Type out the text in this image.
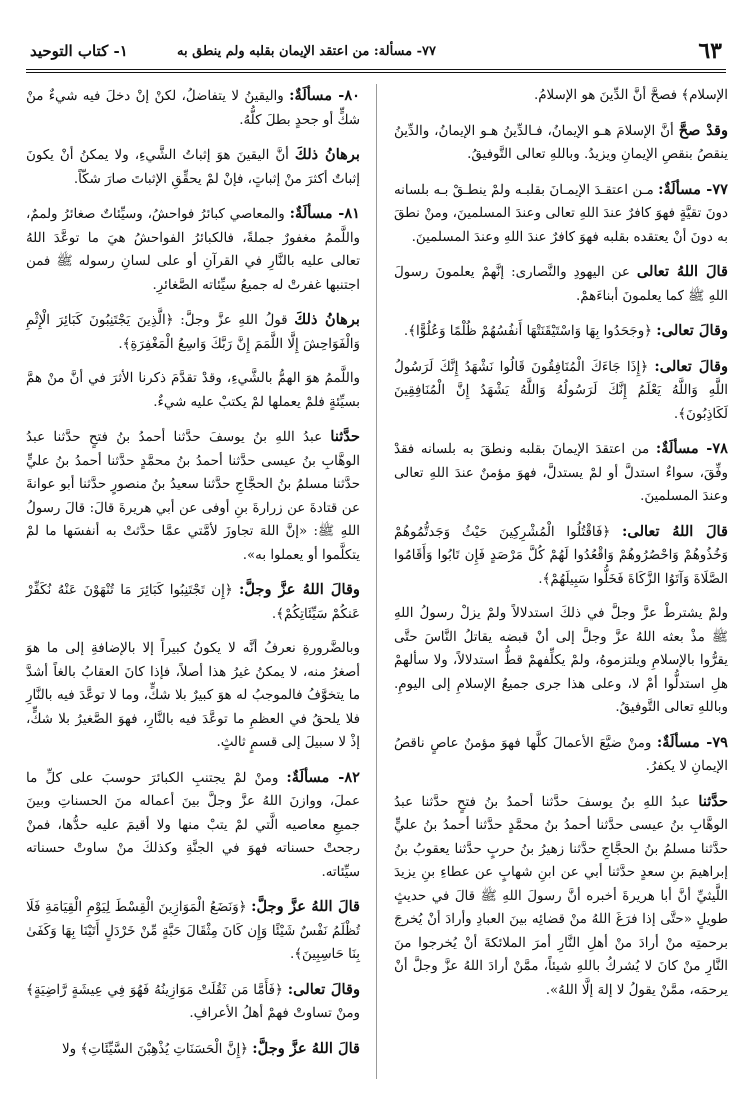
٦٣
٧٧- مسألة: من اعتقد الإيمان بقلبه ولم ينطق به
١- كتاب التوحيد

الإسلام﴾ فصحَّ أنَّ الدِّينَ هو الإسلامُ.

وقدْ صحَّ أنَّ الإسلامَ هـو الإيمانُ، فـالدِّينُ هـو الإيمانُ، والدِّينُ ينقصُ بنقصِ الإيمانِ ويزيدُ. وباللهِ تعالى التَّوفيقُ.

٧٧- مسألَةٌ: مـن اعتقـدَ الإيمـانَ بقلبـه ولمْ ينطـقْ بـه بلسانه دونَ تقيَّةٍ فهوَ كافرٌ عندَ اللهِ تعالى وعندَ المسلمينَ، ومنْ نطقَ به دونَ أنْ يعتقده بقلبه فهوَ كافرٌ عندَ اللهِ وعندَ المسلمينَ.

قالَ اللهُ تعالى عن اليهودِ والنَّصارى: إنَّهمْ يعلمونَ رسولَ اللهِ ﷺ كما يعلمونَ أبناءَهمْ.

وقالَ تعالى: ﴿وجَحَدُوا بِهَا وَاسْتَيْقَنَتْهَا أَنفُسُهُمْ ظُلْمًا وَعُلُوًّا﴾.

وقالَ تعالى: ﴿إِذَا جَاءَكَ الْمُنَافِقُونَ قَالُوا نَشْهَدُ إِنَّكَ لَرَسُولُ اللَّهِ وَاللَّهُ يَعْلَمُ إِنَّكَ لَرَسُولُهُ وَاللَّهُ يَشْهَدُ إِنَّ الْمُنَافِقِينَ لَكَاذِبُونَ﴾.

٧٨- مسألَةٌ: من اعتقدَ الإيمانَ بقلبه ونطقَ به بلسانه فقدْ وفِّقَ، سواءٌ استدلَّ أو لمْ يستدلَّ، فهوَ مؤمنٌ عندَ اللهِ تعالى وعندَ المسلمينَ.

قالَ اللهُ تعالى: ﴿فَاقْتُلُوا الْمُشْرِكِينَ حَيْثُ وَجَدتُّمُوهُمْ وَخُذُوهُمْ وَاحْصُرُوهُمْ وَاقْعُدُوا لَهُمْ كُلَّ مَرْصَدٍ فَإِن تَابُوا وَأَقَامُوا الصَّلَاةَ وَآتَوُا الزَّكَاةَ فَخَلُّوا سَبِيلَهُمْ﴾.

ولمْ يشترطْ عزَّ وجلَّ في ذلكَ استدلالاً ولمْ يزلْ رسولُ اللهِ ﷺ مذْ بعثه اللهُ عزَّ وجلَّ إلى أنْ قبضه يقاتلُ النَّاسَ حتَّى يقرُّوا بالإسلامِ ويلتزموهُ، ولمْ يكلِّفهمْ قطُّ استدلالاً، ولا سألهمْ هلِ استدلُّوا أمْ لا، وعلى هذا جرى جميعُ الإسلامِ إلى اليومِ. وباللهِ تعالى التَّوفيقُ.

٧٩- مسألَةٌ: ومنْ ضيَّعَ الأعمالَ كلَّها فهوَ مؤمنٌ عاصٍ ناقصُ الإيمانِ لا يكفرُ.

حدَّثنا عبدُ اللهِ بنُ يوسفَ حدَّثنا أحمدُ بنُ فتحٍ حدَّثنا عبدُ الوهَّابِ بنُ عيسى حدَّثنا أحمدُ بنُ محمَّدٍ حدَّثنا أحمدُ بنُ عليٍّ حدَّثنا مسلمُ بنُ الحجَّاجِ حدَّثنا زهيرُ بنُ حربٍ حدَّثنا يعقوبُ بنُ إبراهيمَ بنِ سعدٍ حدَّثنا أبي عن ابنِ شهابٍ عن عطاءِ بنِ يزيدَ اللَّيثيِّ أنَّ أبا هريرةَ أخبره أنَّ رسولَ اللهِ ﷺ قالَ في حديثٍ طويلٍ «حتَّى إذا فرَغَ اللهُ منْ قضائِه بينَ العبادِ وأرادَ أنْ يُخرجَ برحمتِه منْ أرادَ منْ أهلِ النَّارِ أمرَ الملائكةَ أنْ يُخرجوا منَ النَّارِ منْ كانَ لا يُشركُ باللهِ شيئاً، ممَّنْ أرادَ اللهُ عزَّ وجلَّ أنْ يرحمَه، ممَّنْ يقولُ لا إلهَ إلَّا اللهُ».

٨٠- مسألَةٌ: واليقينُ لا يتفاضلُ، لكنْ إنْ دخلَ فيه شيءٌ منْ شكٍّ أو جحدٍ بطلَ كلُّهُ.

برهانُ ذلكَ أنَّ اليقينَ هوَ إثباتُ الشَّيءِ، ولا يمكنُ أنْ يكونَ إثباتٌ أكثرَ منْ إثباتٍ، فإنْ لمْ يحقِّقِ الإثباتَ صارَ شكّاً.

٨١- مسألَةٌ: والمعاصي كبائرُ فواحشُ، وسيِّئاتٌ صغائرُ ولممٌ، واللَّممُ مغفورٌ جملةً، فالكبائرُ الفواحشُ هيَ ما توعَّدَ اللهُ تعالى عليه بالنَّارِ في القرآنِ أو على لسانِ رسوله ﷺ فمن اجتنبها غفرتْ له جميعُ سيِّئاته الصَّغائرِ.

برهانُ ذلكَ قولُ اللهِ عزَّ وجلَّ: ﴿الَّذِينَ يَجْتَنِبُونَ كَبَائِرَ الْإِثْمِ وَالْفَوَاحِشَ إِلَّا اللَّمَمَ إِنَّ رَبَّكَ وَاسِعُ الْمَغْفِرَةِ﴾.

واللَّممُ هوَ الهمُّ بالشَّيءِ، وقدْ تقدَّمَ ذكرنا الأثرَ في أنَّ منْ همَّ بسيِّئةٍ فلمْ يعملها لمْ يكتبْ عليه شيءٌ.

حدَّثنا عبدُ اللهِ بنُ يوسفَ حدَّثنا أحمدُ بنُ فتحٍ حدَّثنا عبدُ الوهَّابِ بنُ عيسى حدَّثنا أحمدُ بنُ محمَّدٍ حدَّثنا أحمدُ بنُ عليٍّ حدَّثنا مسلمُ بنُ الحجَّاجِ حدَّثنا سعيدُ بنُ منصورٍ حدَّثنا أبو عوانةَ عن قتادةَ عن زرارةَ بنِ أوفى عن أبي هريرةَ قالَ: قالَ رسولُ اللهِ ﷺ: «إنَّ اللهَ تجاوزَ لأمَّتي عمَّا حدَّثتْ به أنفسَها ما لمْ يتكلَّموا أو يعملوا به».

وقالَ اللهُ عزَّ وجلَّ: ﴿إِن تَجْتَنِبُوا كَبَائِرَ مَا تُنْهَوْنَ عَنْهُ نُكَفِّرْ عَنكُمْ سَيِّئَاتِكُمْ﴾.

وبالضَّرورةِ نعرفُ أنَّه لا يكونُ كبيراً إلا بالإضافةِ إلى ما هوَ أصغرُ منه، لا يمكنُ غيرُ هذا أصلاً، فإذا كانَ العقابُ بالغاً أشدَّ ما يتخوَّفُ فالموجبُ له هوَ كبيرٌ بلا شكٍّ، وما لا توعَّدَ فيه بالنَّارِ فلا يلحقُ في العظمِ ما توعَّدَ فيه بالنَّارِ، فهوَ الصَّغيرُ بلا شكٍّ، إذْ لا سبيلَ إلى قسمٍ ثالثٍ.

٨٢- مسألَةٌ: ومنْ لمْ يجتنبِ الكبائرَ حوسبَ على كلِّ ما عملَ، ووازنَ اللهُ عزَّ وجلَّ بينَ أعماله منَ الحسناتِ وبينَ جميعِ معاصيه الَّتي لمْ يتبْ منها ولا أقيمَ عليه حدُّها، فمنْ رجحتْ حسناته فهوَ في الجنَّةِ وكذلكَ منْ ساوتْ حسناته سيِّئاته.

قالَ اللهُ عزَّ وجلَّ: ﴿وَنَضَعُ الْمَوَازِينَ الْقِسْطَ لِيَوْمِ الْقِيَامَةِ فَلَا تُظْلَمُ نَفْسٌ شَيْئًا وَإِن كَانَ مِثْقَالَ حَبَّةٍ مِّنْ خَرْدَلٍ أَتَيْنَا بِهَا وَكَفَىٰ بِنَا حَاسِبِينَ﴾.

وقالَ تعالى: ﴿فَأَمَّا مَن ثَقُلَتْ مَوَازِينُهُ فَهُوَ فِي عِيشَةٍ رَّاضِيَةٍ﴾ ومنْ تساوتْ فهمْ أهلُ الأعرافِ.

قالَ اللهُ عزَّ وجلَّ: ﴿إِنَّ الْحَسَنَاتِ يُذْهِبْنَ السَّيِّئَاتِ﴾ ولا
